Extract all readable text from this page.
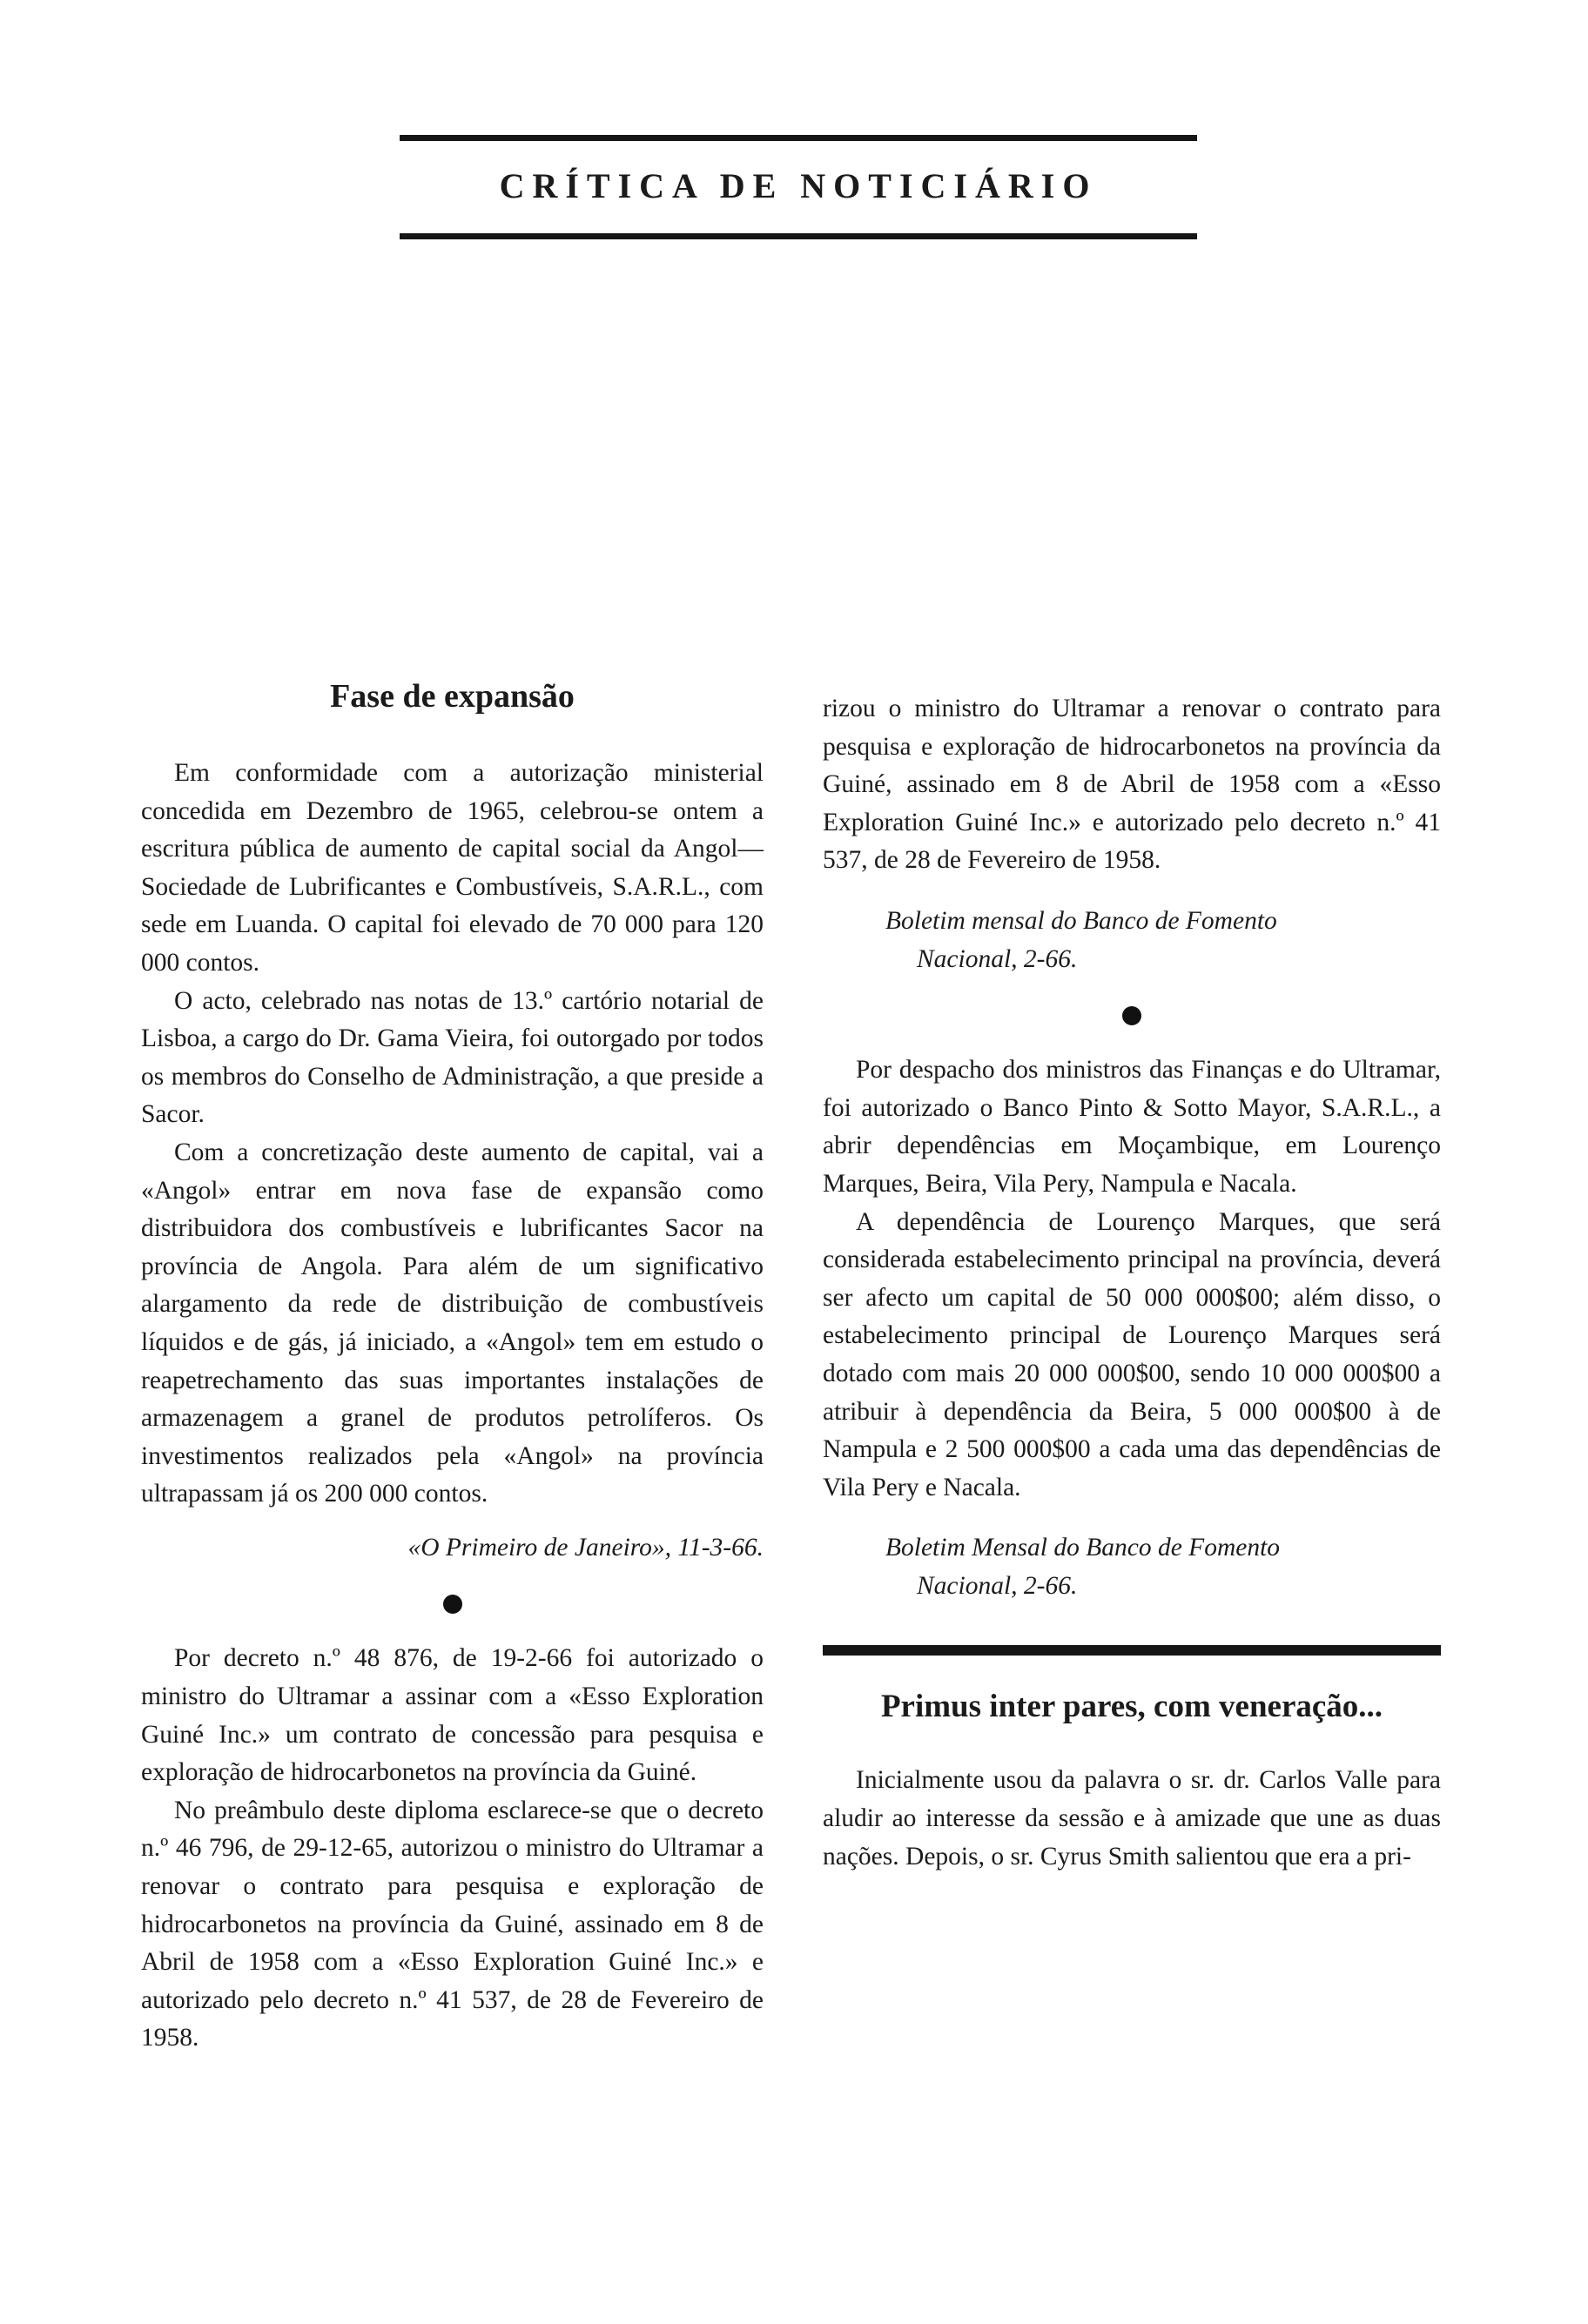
CRÍTICA DE NOTICIÁRIO
Fase de expansão

Em conformidade com a autorização ministerial concedida em Dezembro de 1965, celebrou-se ontem a escritura pública de aumento de capital social da Angol—Sociedade de Lubrificantes e Combustíveis, S.A.R.L., com sede em Luanda. O capital foi elevado de 70 000 para 120 000 contos.

O acto, celebrado nas notas de 13.º cartório notarial de Lisboa, a cargo do Dr. Gama Vieira, foi outorgado por todos os membros do Conselho de Administração, a que preside a Sacor.

Com a concretização deste aumento de capital, vai a «Angol» entrar em nova fase de expansão como distribuidora dos combustíveis e lubrificantes Sacor na província de Angola. Para além de um significativo alargamento da rede de distribuição de combustíveis líquidos e de gás, já iniciado, a «Angol» tem em estudo o reapetrechamento das suas importantes instalações de armazenagem a granel de produtos petrolíferos. Os investimentos realizados pela «Angol» na província ultrapassam já os 200 000 contos.

«O Primeiro de Janeiro», 11-3-66.

Por decreto n.º 48 876, de 19-2-66 foi autorizado o ministro do Ultramar a assinar com a «Esso Exploration Guiné Inc.» um contrato de concessão para pesquisa e exploração de hidrocarbonetos na província da Guiné.

No preâmbulo deste diploma esclarece-se que o decreto n.º 46 796, de 29-12-65, autorizou o ministro do Ultramar a renovar o contrato para pesquisa e exploração de hidrocarbonetos na província da Guiné, assinado em 8 de Abril de 1958 com a «Esso Exploration Guiné Inc.» e autorizado pelo decreto n.º 41 537, de 28 de Fevereiro de 1958.

rizou o ministro do Ultramar a renovar o contrato para pesquisa e exploração de hidrocarbonetos na província da Guiné, assinado em 8 de Abril de 1958 com a «Esso Exploration Guiné Inc.» e autorizado pelo decreto n.º 41 537, de 28 de Fevereiro de 1958.

Boletim mensal do Banco de Fomento
Nacional, 2-66.

Por despacho dos ministros das Finanças e do Ultramar, foi autorizado o Banco Pinto & Sotto Mayor, S.A.R.L., a abrir dependências em Moçambique, em Lourenço Marques, Beira, Vila Pery, Nampula e Nacala.

A dependência de Lourenço Marques, que será considerada estabelecimento principal na província, deverá ser afecto um capital de 50 000 000$00; além disso, o estabelecimento principal de Lourenço Marques será dotado com mais 20 000 000$00, sendo 10 000 000$00 a atribuir à dependência da Beira, 5 000 000$00 à de Nampula e 2 500 000$00 a cada uma das dependências de Vila Pery e Nacala.

Boletim Mensal do Banco de Fomento
Nacional, 2-66.
Primus inter pares, com veneração...

Inicialmente usou da palavra o sr. dr. Carlos Valle para aludir ao interesse da sessão e à amizade que une as duas nações. Depois, o sr. Cyrus Smith salientou que era a pri-
